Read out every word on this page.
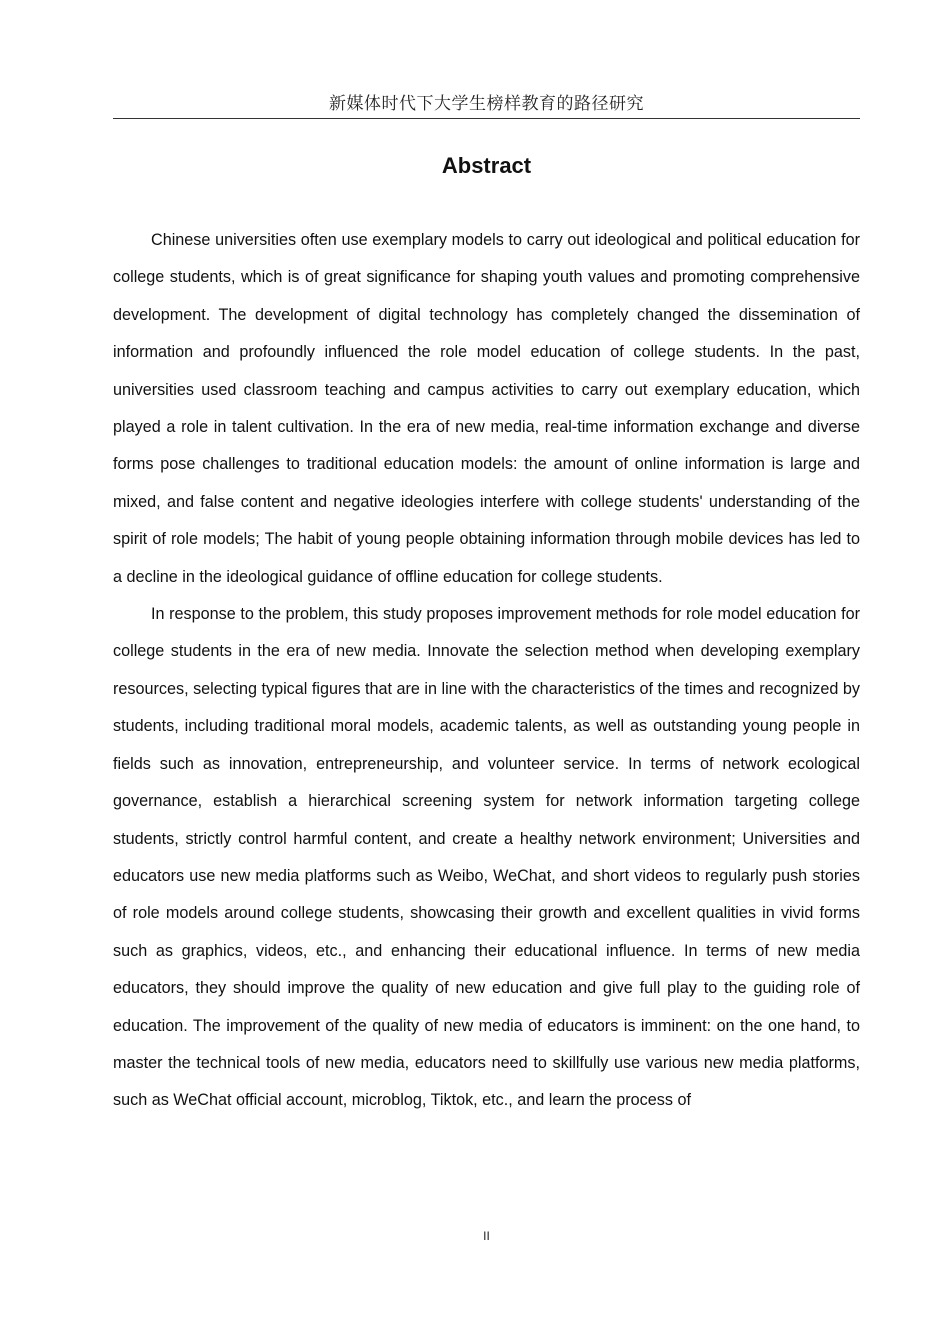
新媒体时代下大学生榜样教育的路径研究
Abstract

Chinese universities often use exemplary models to carry out ideological and political education for college students, which is of great significance for shaping youth values and promoting comprehensive development. The development of digital technology has completely changed the dissemination of information and profoundly influenced the role model education of college students. In the past, universities used classroom teaching and campus activities to carry out exemplary education, which played a role in talent cultivation. In the era of new media, real-time information exchange and diverse forms pose challenges to traditional education models: the amount of online information is large and mixed, and false content and negative ideologies interfere with college students' understanding of the spirit of role models; The habit of young people obtaining information through mobile devices has led to a decline in the ideological guidance of offline education for college students.

In response to the problem, this study proposes improvement methods for role model education for college students in the era of new media. Innovate the selection method when developing exemplary resources, selecting typical figures that are in line with the characteristics of the times and recognized by students, including traditional moral models, academic talents, as well as outstanding young people in fields such as innovation, entrepreneurship, and volunteer service. In terms of network ecological governance, establish a hierarchical screening system for network information targeting college students, strictly control harmful content, and create a healthy network environment; Universities and educators use new media platforms such as Weibo, WeChat, and short videos to regularly push stories of role models around college students, showcasing their growth and excellent qualities in vivid forms such as graphics, videos, etc., and enhancing their educational influence. In terms of new media educators, they should improve the quality of new education and give full play to the guiding role of education. The improvement of the quality of new media of educators is imminent: on the one hand, to master the technical tools of new media, educators need to skillfully use various new media platforms, such as WeChat official account, microblog, Tiktok, etc., and learn the process of

II
